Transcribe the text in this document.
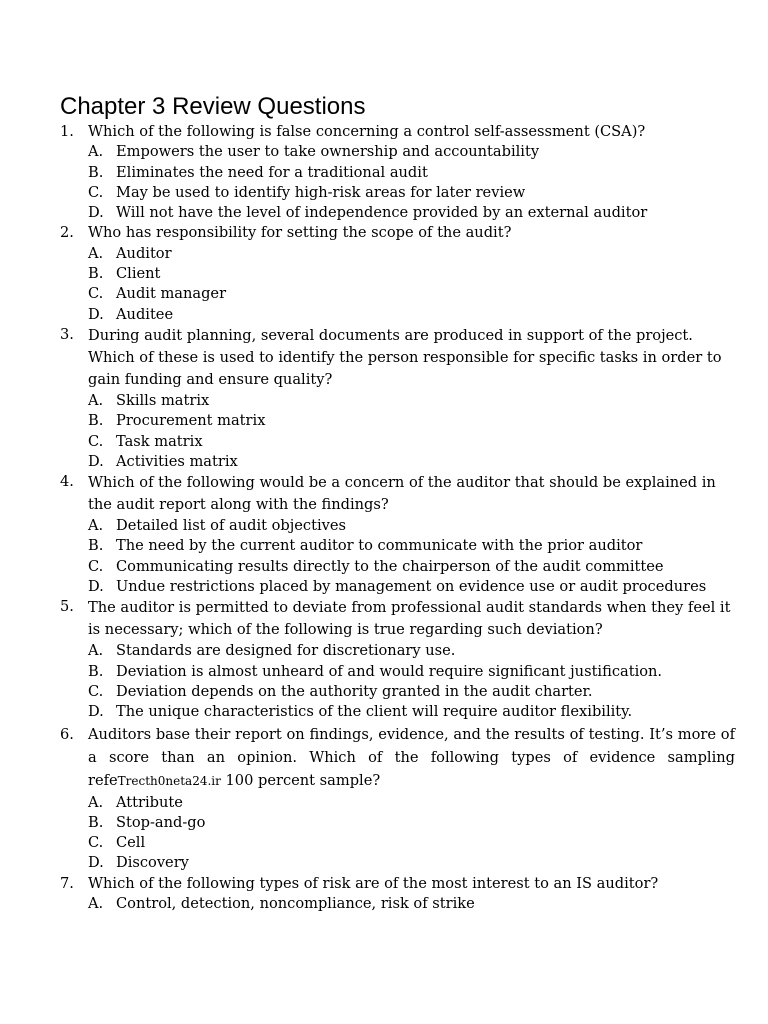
Chapter 3 Review Questions
1. Which of the following is false concerning a control self-assessment (CSA)?
A. Empowers the user to take ownership and accountability
B. Eliminates the need for a traditional audit
C. May be used to identify high-risk areas for later review
D. Will not have the level of independence provided by an external auditor
2. Who has responsibility for setting the scope of the audit?
A. Auditor
B. Client
C. Audit manager
D. Auditee
3. During audit planning, several documents are produced in support of the project. Which of these is used to identify the person responsible for specific tasks in order to gain funding and ensure quality?
A. Skills matrix
B. Procurement matrix
C. Task matrix
D. Activities matrix
4. Which of the following would be a concern of the auditor that should be explained in the audit report along with the findings?
A. Detailed list of audit objectives
B. The need by the current auditor to communicate with the prior auditor
C. Communicating results directly to the chairperson of the audit committee
D. Undue restrictions placed by management on evidence use or audit procedures
5. The auditor is permitted to deviate from professional audit standards when they feel it is necessary; which of the following is true regarding such deviation?
A. Standards are designed for discretionary use.
B. Deviation is almost unheard of and would require significant justification.
C. Deviation depends on the authority granted in the audit charter.
D. The unique characteristics of the client will require auditor flexibility.
6. Auditors base their report on findings, evidence, and the results of testing. It’s more of a score than an opinion. Which of the following types of evidence sampling refeTrecth0neta24.ir 100 percent sample?
A. Attribute
B. Stop-and-go
C. Cell
D. Discovery
7. Which of the following types of risk are of the most interest to an IS auditor?
A. Control, detection, noncompliance, risk of strike
